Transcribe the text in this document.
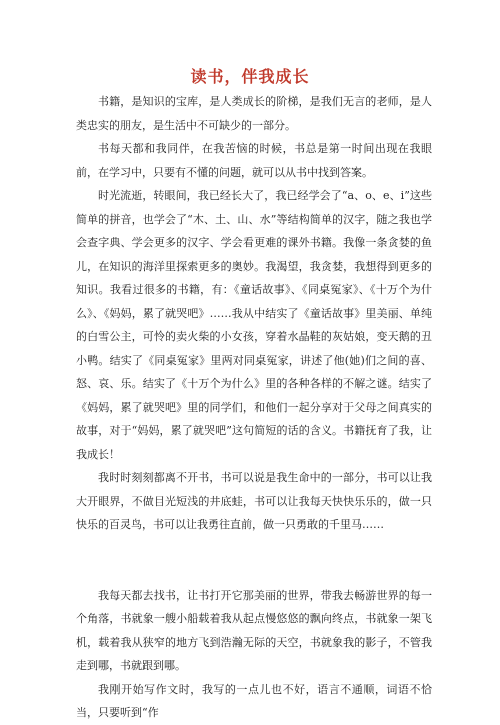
读书，伴我成长

书籍，是知识的宝库，是人类成长的阶梯，是我们无言的老师，是人类忠实的朋友，是生活中不可缺少的一部分。

书每天都和我同伴，在我苦恼的时候，书总是第一时间出现在我眼前，在学习中，只要有不懂的问题，就可以从书中找到答案。

时光流逝，转眼间，我已经长大了，我已经学会了“a、o、e、i”这些简单的拼音，也学会了“木、土、山、水”等结构简单的汉字，随之我也学会查字典、学会更多的汉字、学会看更难的课外书籍。我像一条贪婪的鱼儿，在知识的海洋里探索更多的奥妙。我渴望，我贪婪，我想得到更多的知识。我看过很多的书籍，有：《童话故事》、《同桌冤家》、《十万个为什么》、《妈妈，累了就哭吧》……我从中结实了《童话故事》里美丽、单纯的白雪公主，可怜的卖火柴的小女孩，穿着水晶鞋的灰姑娘，变天鹅的丑小鸭。结实了《同桌冤家》里两对同桌冤家，讲述了他(她)们之间的喜、怒、哀、乐。结实了《十万个为什么》里的各种各样的不解之谜。结实了《妈妈，累了就哭吧》里的同学们，和他们一起分享对于父母之间真实的故事，对于“妈妈，累了就哭吧”这句简短的话的含义。书籍抚育了我，让我成长！

我时时刻刻都离不开书，书可以说是我生命中的一部分，书可以让我大开眼界，不做目光短浅的井底蛙，书可以让我每天快快乐乐的，做一只快乐的百灵鸟，书可以让我勇往直前，做一只勇敢的千里马……

我每天都去找书，让书打开它那美丽的世界，带我去畅游世界的每一个角落，书就象一艘小船载着我从起点慢悠悠的飘向终点，书就象一架飞机，载着我从狭窄的地方飞到浩瀚无际的天空，书就象我的影子，不管我走到哪，书就跟到哪。

我刚开始写作文时，我写的一点儿也不好，语言不通顺，词语不恰当，只要听到“作
